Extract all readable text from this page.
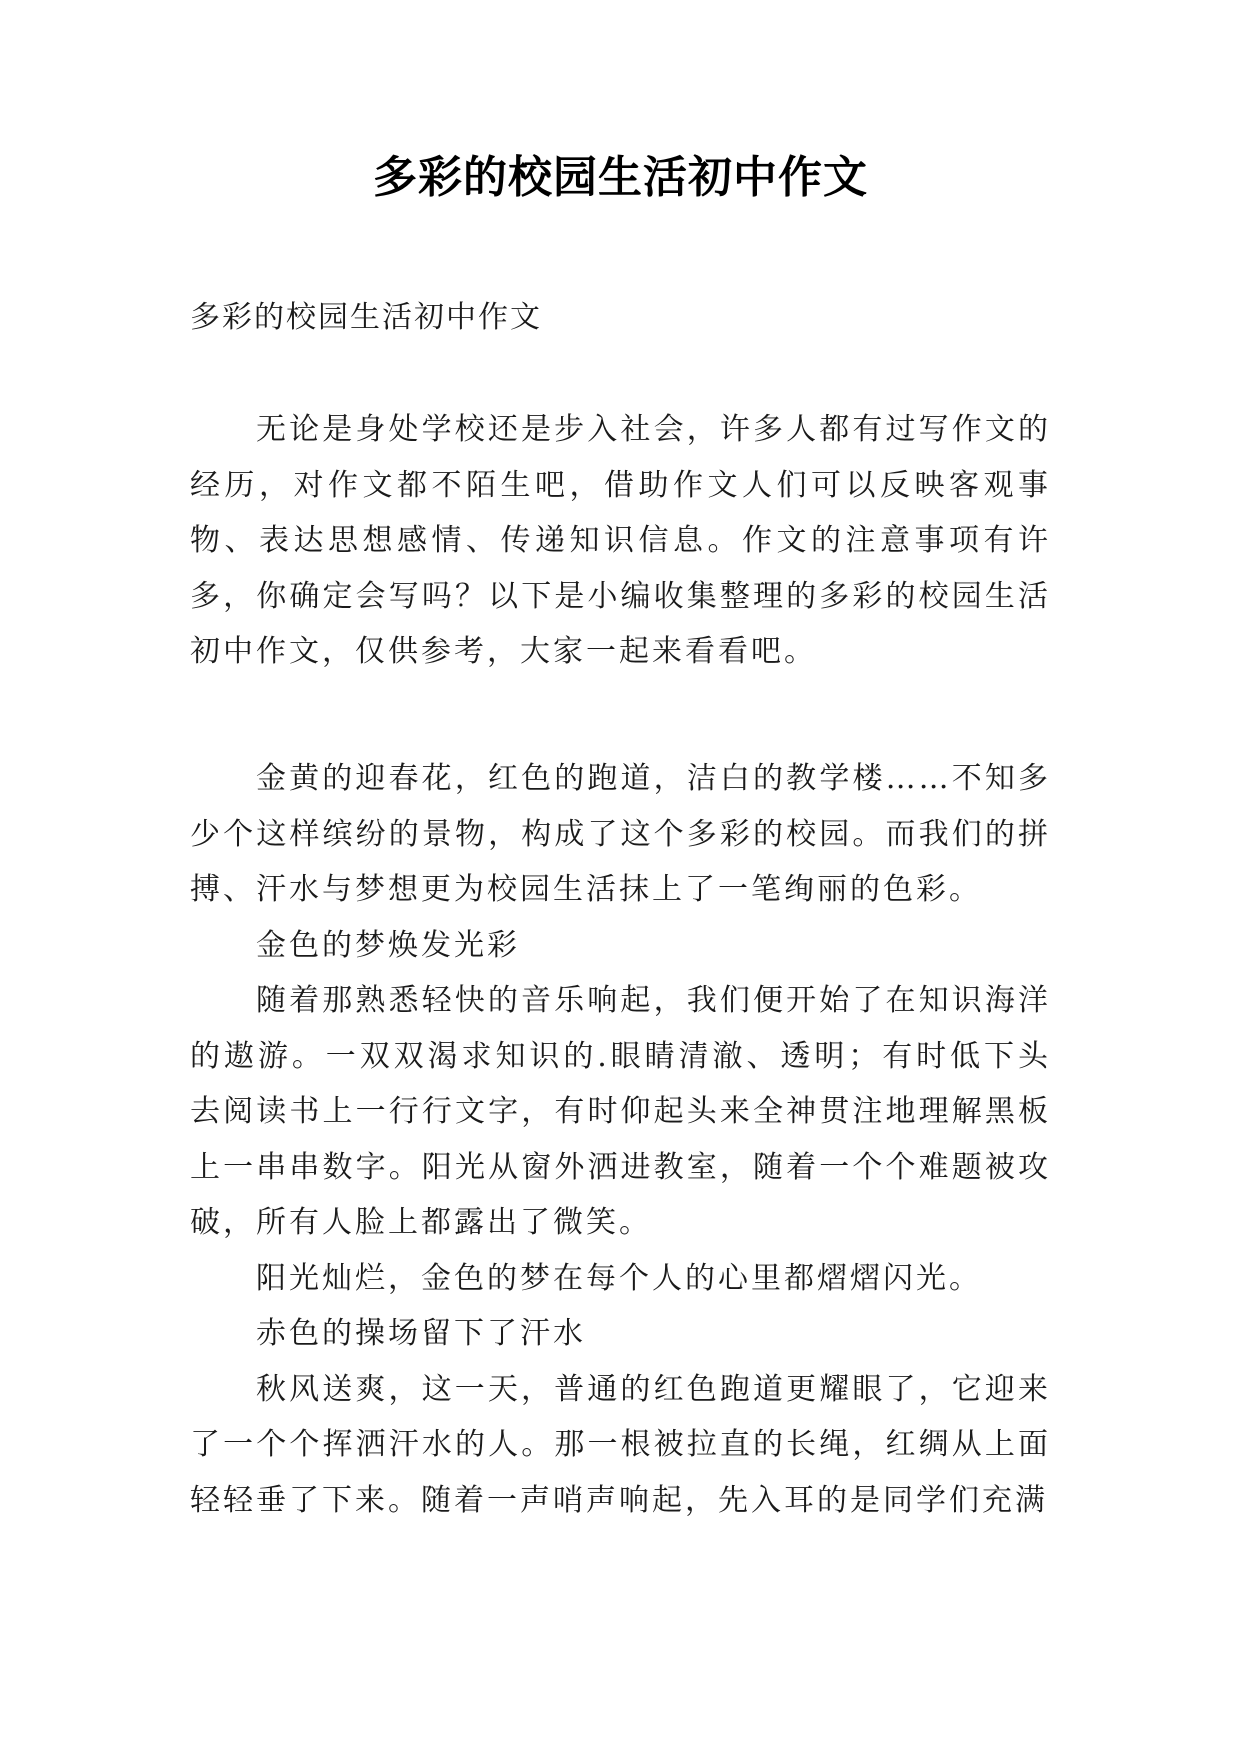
多彩的校园生活初中作文
多彩的校园生活初中作文

无论是身处学校还是步入社会，许多人都有过写作文的经历，对作文都不陌生吧，借助作文人们可以反映客观事物、表达思想感情、传递知识信息。作文的注意事项有许多，你确定会写吗？以下是小编收集整理的多彩的校园生活初中作文，仅供参考，大家一起来看看吧。

金黄的迎春花，红色的跑道，洁白的教学楼……不知多少个这样缤纷的景物，构成了这个多彩的校园。而我们的拼搏、汗水与梦想更为校园生活抹上了一笔绚丽的色彩。

金色的梦焕发光彩

随着那熟悉轻快的音乐响起，我们便开始了在知识海洋的遨游。一双双渴求知识的.眼睛清澈、透明；有时低下头去阅读书上一行行文字，有时仰起头来全神贯注地理解黑板上一串串数字。阳光从窗外洒进教室，随着一个个难题被攻破，所有人脸上都露出了微笑。

阳光灿烂，金色的梦在每个人的心里都熠熠闪光。

赤色的操场留下了汗水

秋风送爽，这一天，普通的红色跑道更耀眼了，它迎来了一个个挥洒汗水的人。那一根被拉直的长绳，红绸从上面轻轻垂了下来。随着一声哨声响起，先入耳的是同学们充满
